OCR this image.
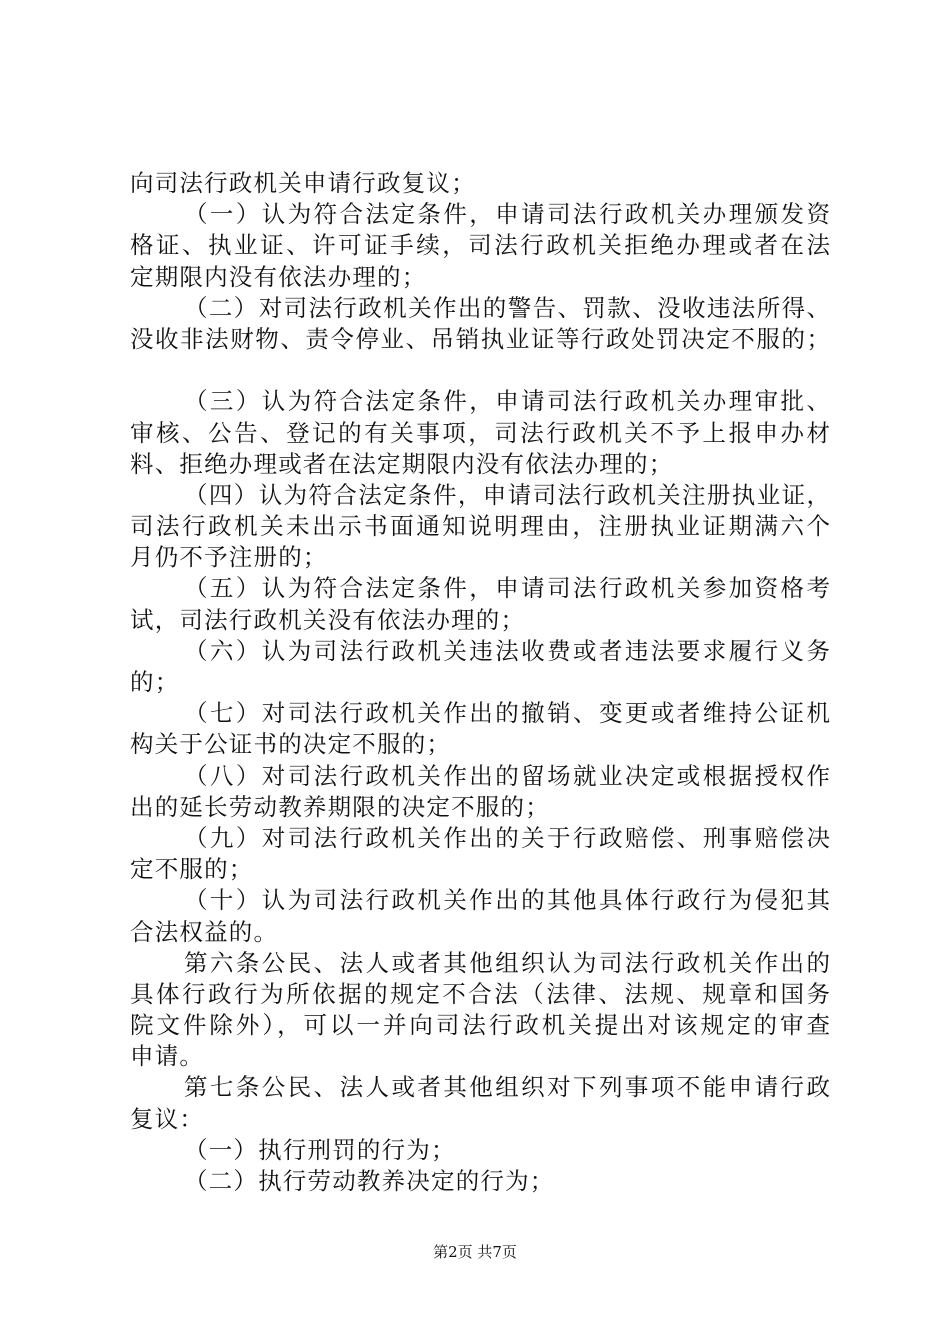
向司法行政机关申请行政复议；
（一）认为符合法定条件，申请司法行政机关办理颁发资
格证、执业证、许可证手续，司法行政机关拒绝办理或者在法
定期限内没有依法办理的；
（二）对司法行政机关作出的警告、罚款、没收违法所得、
没收非法财物、责令停业、吊销执业证等行政处罚决定不服的；
（三）认为符合法定条件，申请司法行政机关办理审批、
审核、公告、登记的有关事项，司法行政机关不予上报申办材
料、拒绝办理或者在法定期限内没有依法办理的；
（四）认为符合法定条件，申请司法行政机关注册执业证，
司法行政机关未出示书面通知说明理由，注册执业证期满六个
月仍不予注册的；
（五）认为符合法定条件，申请司法行政机关参加资格考
试，司法行政机关没有依法办理的；
（六）认为司法行政机关违法收费或者违法要求履行义务
的；
（七）对司法行政机关作出的撤销、变更或者维持公证机
构关于公证书的决定不服的；
（八）对司法行政机关作出的留场就业决定或根据授权作
出的延长劳动教养期限的决定不服的；
（九）对司法行政机关作出的关于行政赔偿、刑事赔偿决
定不服的；
（十）认为司法行政机关作出的其他具体行政行为侵犯其
合法权益的。
第六条公民、法人或者其他组织认为司法行政机关作出的
具体行政行为所依据的规定不合法（法律、法规、规章和国务
院文件除外），可以一并向司法行政机关提出对该规定的审查
申请。
第七条公民、法人或者其他组织对下列事项不能申请行政
复议：
（一）执行刑罚的行为；
（二）执行劳动教养决定的行为；
第2页 共7页
